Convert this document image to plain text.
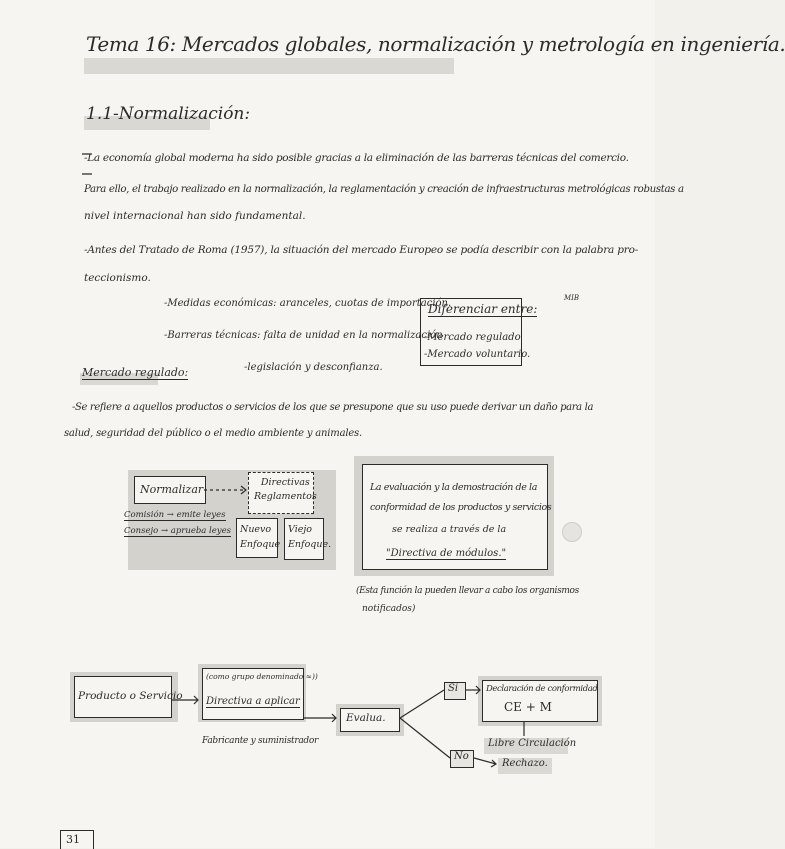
Tema 16: Mercados globales, normalización y metrología en ingeniería.
1.1-Normalización:
-La economía global moderna ha sido posible gracias a la eliminación de las barreras técnicas del comercio.
Para ello, el trabajo realizado en la normalización, la reglamentación y creación de infraestructuras metrológicas robustas a
nivel internacional han sido fundamental.
-Antes del Tratado de Roma (1957), la situación del mercado Europeo se podía describir con la palabra pro-
teccionismo.
-Medidas económicas: aranceles, cuotas de importación.
-Barreras técnicas: falta de unidad en la normalización
-legislación y desconfianza.
Diferenciar entre:
-Mercado regulado
-Mercado voluntario.
MIB
Mercado regulado:
-Se refiere a aquellos productos o servicios de los que se presupone que su uso puede derivar un daño para la
salud, seguridad del público o el medio ambiente y animales.
Normalizar
Directivas
Reglamentos
Comisión → emite leyes
Consejo → aprueba leyes Nuevo
Enfoque
Viejo
Enfoque.
La evaluación y la demostración de la
conformidad de los productos y servicios
se realiza a través de la
"Directiva de módulos."
(Esta función la pueden llevar a cabo los organismos
notificados)
Producto o Servicio
(como grupo denominado ≈))
Directiva a aplicar
Fabricante y suministrador
Evalua.
Si
No
Declaración de conformidad
CE + M
Libre Circulación
Rechazo.
31
